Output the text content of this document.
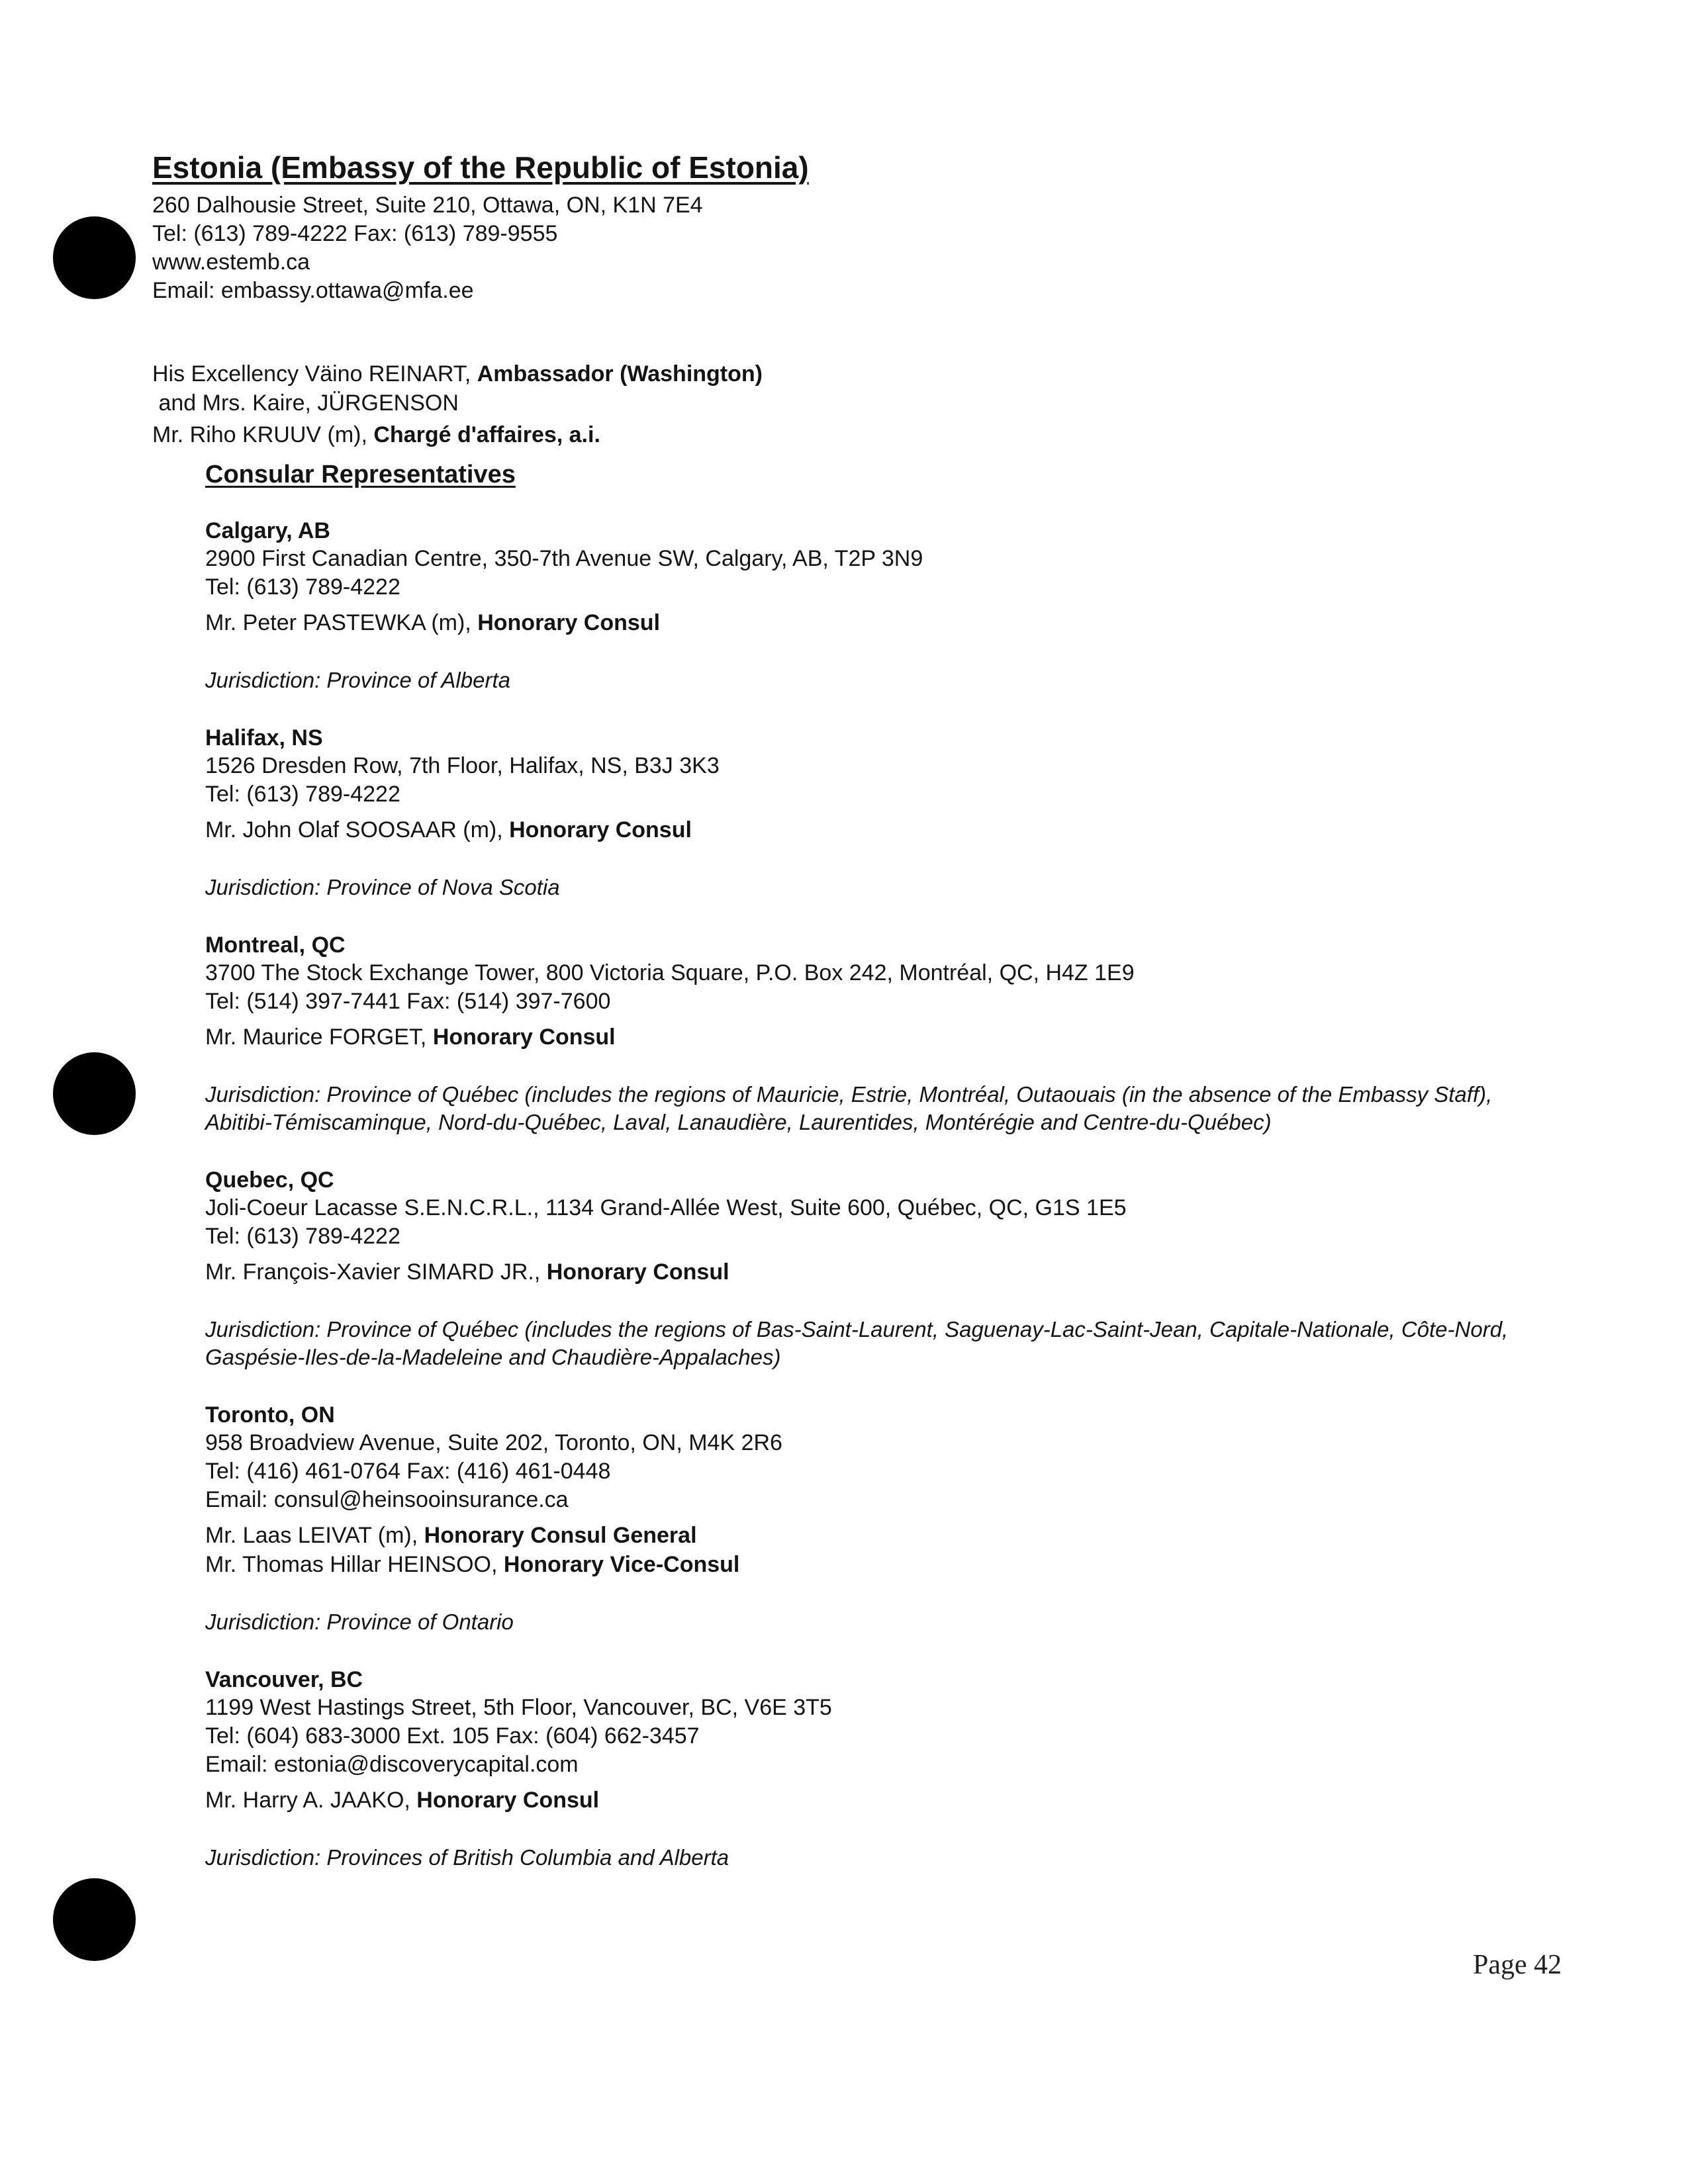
Estonia (Embassy of the Republic of Estonia)
260 Dalhousie Street, Suite 210, Ottawa, ON, K1N 7E4
Tel: (613) 789-4222 Fax: (613) 789-9555
www.estemb.ca
Email: embassy.ottawa@mfa.ee
His Excellency Väino REINART, Ambassador (Washington)
and Mrs. Kaire, JÜRGENSON
Mr. Riho KRUUV (m), Chargé d'affaires, a.i.
Consular Representatives
Calgary, AB
2900 First Canadian Centre, 350-7th Avenue SW, Calgary, AB, T2P 3N9
Tel: (613) 789-4222
Mr. Peter PASTEWKA (m), Honorary Consul
Jurisdiction: Province of Alberta
Halifax, NS
1526 Dresden Row, 7th Floor, Halifax, NS, B3J 3K3
Tel: (613) 789-4222
Mr. John Olaf SOOSAAR (m), Honorary Consul
Jurisdiction: Province of Nova Scotia
Montreal, QC
3700 The Stock Exchange Tower, 800 Victoria Square, P.O. Box 242, Montréal, QC, H4Z 1E9
Tel: (514) 397-7441 Fax: (514) 397-7600
Mr. Maurice FORGET, Honorary Consul
Jurisdiction: Province of Québec (includes the regions of Mauricie, Estrie, Montréal, Outaouais (in the absence of the Embassy Staff), Abitibi-Témiscaminque, Nord-du-Québec, Laval, Lanaudière, Laurentides, Montérégie and Centre-du-Québec)
Quebec, QC
Joli-Coeur Lacasse S.E.N.C.R.L., 1134 Grand-Allée West, Suite 600, Québec, QC, G1S 1E5
Tel: (613) 789-4222
Mr. François-Xavier SIMARD JR., Honorary Consul
Jurisdiction: Province of Québec (includes the regions of Bas-Saint-Laurent, Saguenay-Lac-Saint-Jean, Capitale-Nationale, Côte-Nord, Gaspésie-Iles-de-la-Madeleine and Chaudière-Appalaches)
Toronto, ON
958 Broadview Avenue, Suite 202, Toronto, ON, M4K 2R6
Tel: (416) 461-0764 Fax: (416) 461-0448
Email: consul@heinsooinsurance.ca
Mr. Laas LEIVAT (m), Honorary Consul General
Mr. Thomas Hillar HEINSOO, Honorary Vice-Consul
Jurisdiction: Province of Ontario
Vancouver, BC
1199 West Hastings Street, 5th Floor, Vancouver, BC, V6E 3T5
Tel: (604) 683-3000 Ext. 105 Fax: (604) 662-3457
Email: estonia@discoverycapital.com
Mr. Harry A. JAAKO, Honorary Consul
Jurisdiction: Provinces of British Columbia and Alberta
Page 42
